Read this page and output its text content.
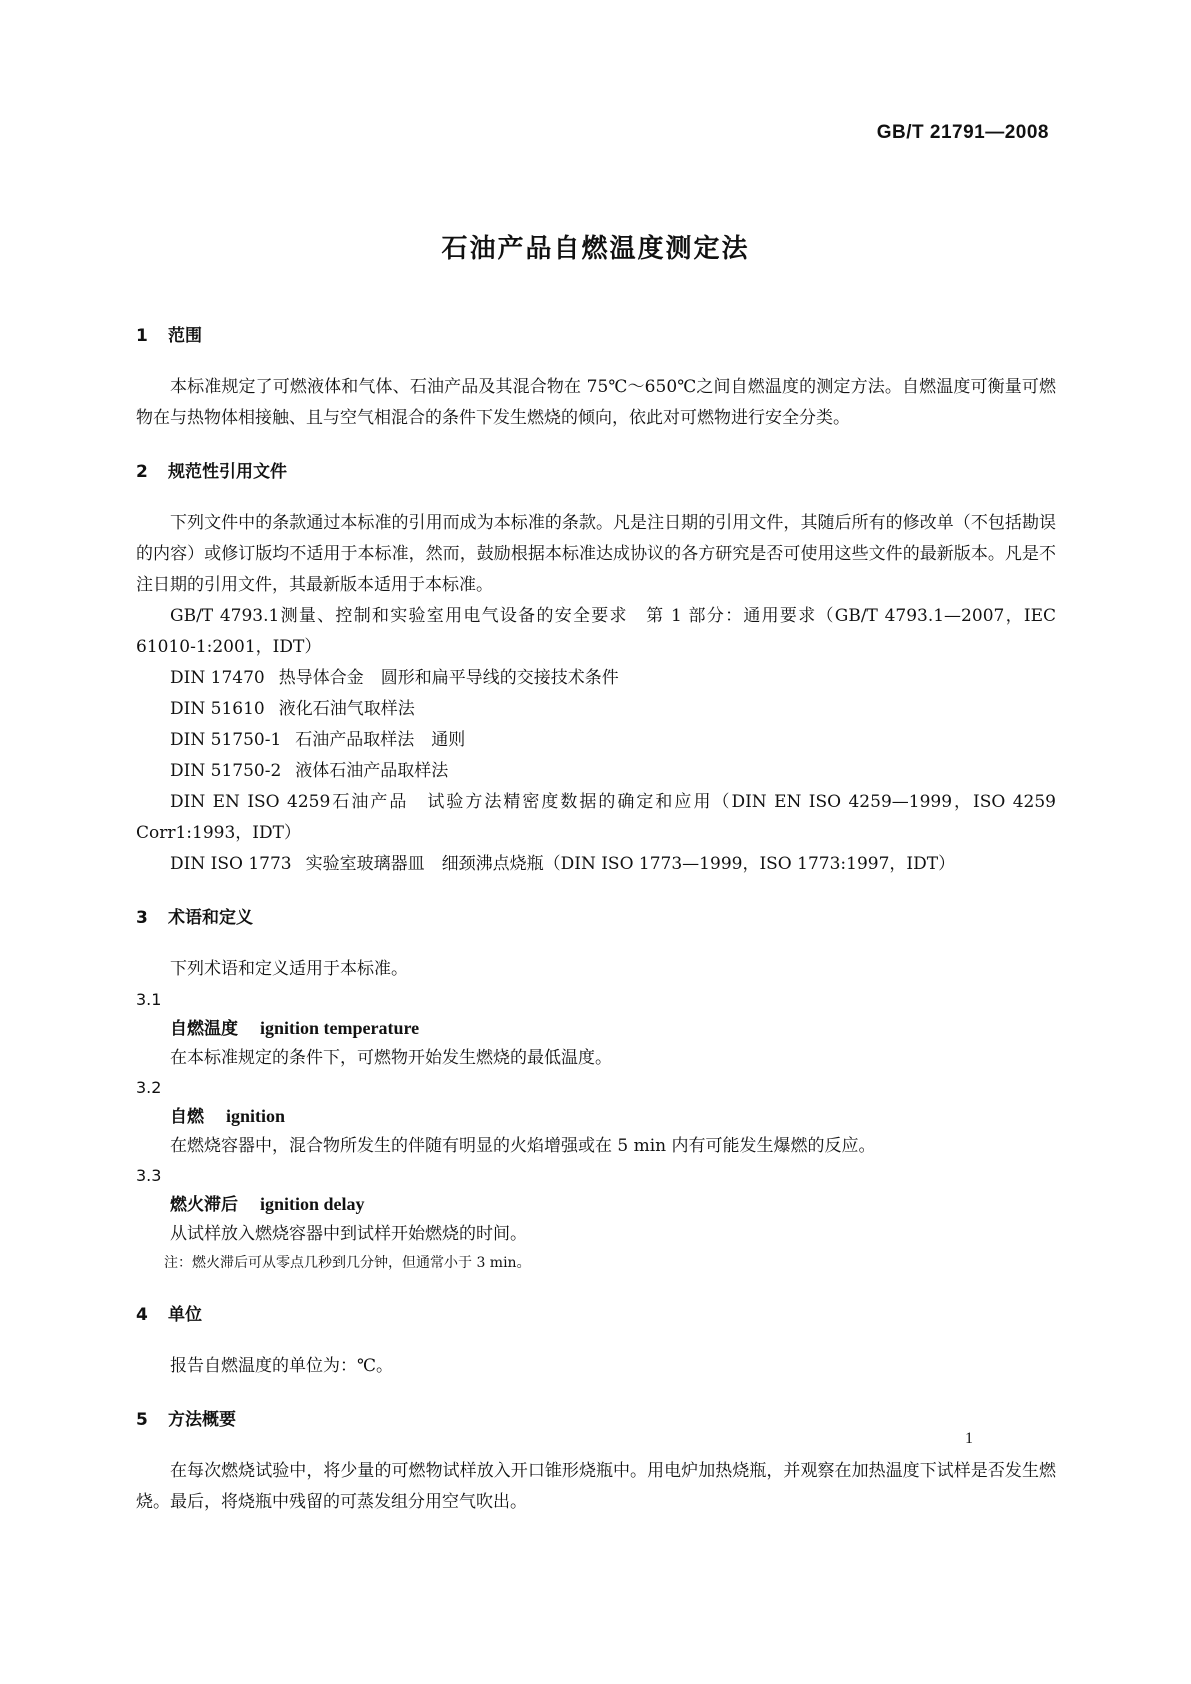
GB/T 21791—2008
石油产品自燃温度测定法
1 范围
本标准规定了可燃液体和气体、石油产品及其混合物在 75℃～650℃之间自燃温度的测定方法。自燃温度可衡量可燃物在与热物体相接触、且与空气相混合的条件下发生燃烧的倾向，依此对可燃物进行安全分类。
2 规范性引用文件
下列文件中的条款通过本标准的引用而成为本标准的条款。凡是注日期的引用文件，其随后所有的修改单（不包括勘误的内容）或修订版均不适用于本标准，然而，鼓励根据本标准达成协议的各方研究是否可使用这些文件的最新版本。凡是不注日期的引用文件，其最新版本适用于本标准。
GB/T 4793.1测量、控制和实验室用电气设备的安全要求　第 1 部分：通用要求（GB/T 4793.1—2007，IEC 61010-1:2001，IDT）
DIN 17470 热导体合金　圆形和扁平导线的交接技术条件
DIN 51610 液化石油气取样法
DIN 51750-1 石油产品取样法　通则
DIN 51750-2 液体石油产品取样法
DIN EN ISO 4259石油产品　试验方法精密度数据的确定和应用（DIN EN ISO 4259—1999，ISO 4259 Corr1:1993，IDT）
DIN ISO 1773 实验室玻璃器皿　细颈沸点烧瓶（DIN ISO 1773—1999，ISO 1773:1997，IDT）
3 术语和定义
下列术语和定义适用于本标准。
3.1
自燃温度 ignition temperature
在本标准规定的条件下，可燃物开始发生燃烧的最低温度。
3.2
自燃 ignition
在燃烧容器中，混合物所发生的伴随有明显的火焰增强或在 5 min 内有可能发生爆燃的反应。
3.3
燃火滞后 ignition delay
从试样放入燃烧容器中到试样开始燃烧的时间。
注：燃火滞后可从零点几秒到几分钟，但通常小于 3 min。
4 单位
报告自燃温度的单位为：℃。
5 方法概要
在每次燃烧试验中，将少量的可燃物试样放入开口锥形烧瓶中。用电炉加热烧瓶，并观察在加热温度下试样是否发生燃烧。最后，将烧瓶中残留的可蒸发组分用空气吹出。
1
